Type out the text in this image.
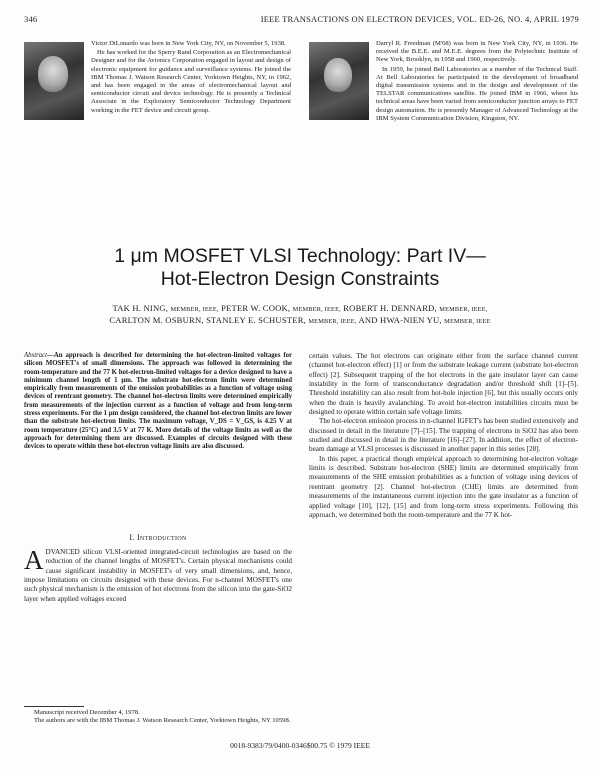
346	IEEE TRANSACTIONS ON ELECTRON DEVICES, VOL. ED-26, NO. 4, APRIL 1979

Victor DiLonardo was born in New York City, NY, on November 5, 1938.

He has worked for the Sperry Rand Corporation as an Electromechanical Designer and for the Avionics Corporation engaged in layout and design of electronic equipment for guidance and surveillance systems. He joined the IBM Thomas J. Watson Research Center, Yorktown Heights, NY, in 1962, and has been engaged in the areas of electromechanical layout and semiconductor circuit and device technology. He is presently a Technical Associate in the Exploratory Semiconductor Technology Department working in the FET device and circuit group.

Darryl R. Freedman (M'68) was born in New York City, NY, in 1936. He received the B.E.E. and M.E.E. degrees from the Polytechnic Institute of New York, Brooklyn, in 1958 and 1960, respectively.

In 1959, he joined Bell Laboratories as a member of the Technical Staff. At Bell Laboratories he participated in the development of broadband digital transmission systems and in the design and development of the TELSTAR communications satellite. He joined IBM in 1966, where his technical areas have been varied from semiconductor junction arrays to FET design automation. He is presently Manager of Advanced Technology at the IBM System Communication Division, Kingston, NY.

1 μm MOSFET VLSI Technology: Part IV—
Hot-Electron Design Constraints
TAK H. NING, MEMBER, IEEE, PETER W. COOK, MEMBER, IEEE, ROBERT H. DENNARD, MEMBER, IEEE,
CARLTON M. OSBURN, STANLEY E. SCHUSTER, MEMBER, IEEE, AND HWA-NIEN YU, MEMBER, IEEE
Abstract—An approach is described for determining the hot-electron-limited voltages for silicon MOSFET's of small dimensions. The approach was followed in determining the room-temperature and the 77 K hot-electron-limited voltages for a device designed to have a minimum channel length of 1 μm. The substrate hot-electron limits were determined empirically from measurements of the emission probabilities as a function of voltage using devices of reentrant geometry. The channel hot-electron limits were determined empirically from measurements of the injection current as a function of voltage and from long-term stress experiments. For the 1 μm design considered, the channel hot-electron limits are lower than the substrate hot-electron limits. The maximum voltage, V_DS = V_GS, is 4.25 V at room temperature (25°C) and 3.5 V at 77 K. More details of the voltage limits as well as the approach for determining them are discussed. Examples of circuits designed with these devices to operate within these hot-electron voltage limits are also discussed.
I. Introduction
ADVANCED silicon VLSI-oriented integrated-circuit technologies are based on the reduction of the channel lengths of MOSFET's. Certain physical mechanisms could cause significant instability in MOSFET's of very small dimensions, and, hence, impose limitations on circuits designed with these devices. For n-channel MOSFET's one such physical mechanism is the emission of hot electrons from the silicon into the gate-SiO2 layer when applied voltages exceed

Manuscript received December 4, 1978.

The authors are with the IBM Thomas J. Watson Research Center, Yorktown Heights, NY 10598.

certain values. The hot electrons can originate either from the surface channel current (channel hot-electron effect) [1] or from the substrate leakage current (substrate hot-electron effect) [2]. Subsequent trapping of the hot electrons in the gate insulator layer can cause instability in the form of transconductance degradation and/or threshold shift [1]–[5]. Threshold instability can also result from hot-hole injection [6], but this usually occurs only when the drain is heavily avalanching. To avoid hot-electron instabilities circuits must be designed to operate within certain safe voltage limits.

The hot-electron emission process in n-channel IGFET's has been studied extensively and discussed in detail in the literature [7]–[15]. The trapping of electrons in SiO2 has also been studied and discussed in detail in the literature [16]–[27]. In addition, the effect of electron-beam damage at VLSI processes is discussed in another paper in this series [28].

In this paper, a practical though empirical approach to determining hot-electron voltage limits is described. Substrate hot-electron (SHE) limits are determined empirically from measurements of the SHE emission probabilities as a function of voltage using devices of reentrant geometry [2]. Channel hot-electron (CHE) limits are determined from measurements of the instantaneous current injection into the gate insulator as a function of applied voltage [10], [12], [15] and from long-term stress experiments. Following this approach, we determined both the room-temperature and the 77 K hot-

0018-9383/79/0400-0346$00.75 © 1979 IEEE
